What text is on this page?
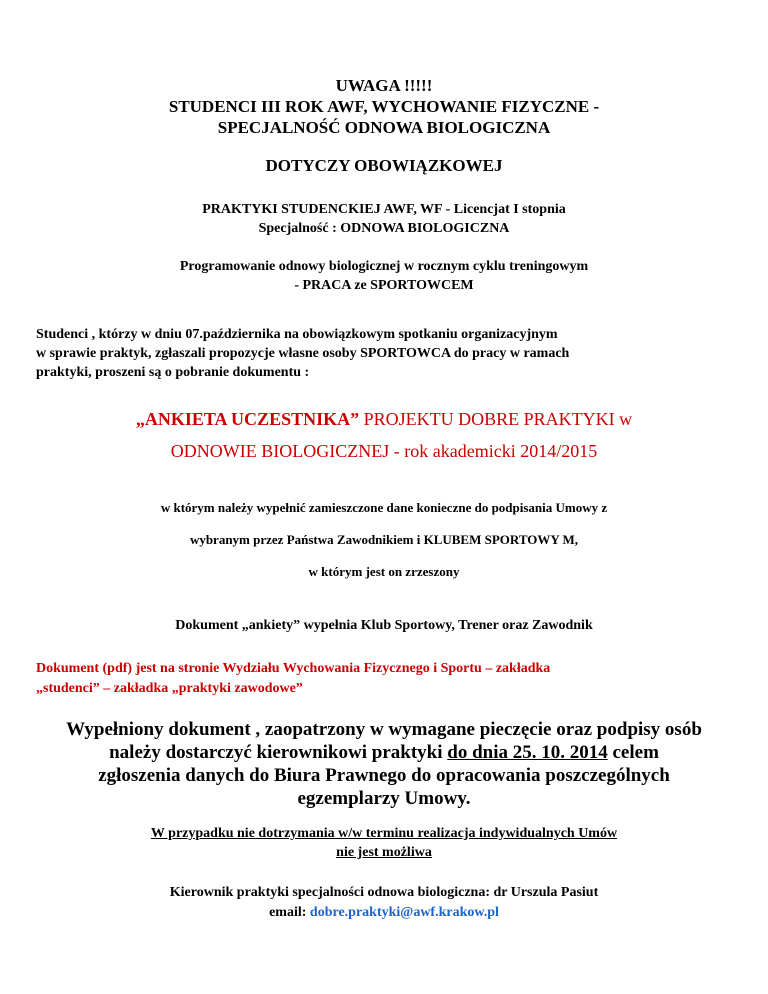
UWAGA !!!!!
STUDENCI III ROK AWF, WYCHOWANIE FIZYCZNE -
SPECJALNOŚĆ ODNOWA BIOLOGICZNA
DOTYCZY OBOWIĄZKOWEJ
PRAKTYKI STUDENCKIEJ AWF, WF - Licencjat I stopnia
Specjalność : ODNOWA BIOLOGICZNA
Programowanie odnowy biologicznej w rocznym cyklu treningowym
- PRACA ze SPORTOWCEM
Studenci , którzy w dniu 07.października na obowiązkowym spotkaniu organizacyjnym
w sprawie praktyk, zgłaszali propozycje własne osoby SPORTOWCA do pracy w ramach
praktyki, proszeni są o pobranie dokumentu :
„ANKIETA UCZESTNIKA” PROJEKTU DOBRE PRAKTYKI w
ODNOWIE BIOLOGICZNEJ - rok akademicki 2014/2015
w którym należy wypełnić zamieszczone dane konieczne do podpisania Umowy z
wybranym przez Państwa Zawodnikiem i KLUBEM SPORTOWY M,
w którym jest on zrzeszony
Dokument „ankiety” wypełnia Klub Sportowy, Trener oraz Zawodnik
Dokument (pdf) jest na stronie Wydziału Wychowania Fizycznego i Sportu – zakładka
„studenci” – zakładka „praktyki zawodowe”
Wypełniony dokument , zaopatrzony w wymagane pieczęcie oraz podpisy osób
należy dostarczyć kierownikowi praktyki do dnia 25. 10. 2014 celem
zgłoszenia danych do Biura Prawnego do opracowania poszczególnych
egzemplarzy Umowy.
W przypadku nie dotrzymania w/w terminu realizacja indywidualnych Umów
nie jest możliwa
Kierownik praktyki specjalności odnowa biologiczna: dr Urszula Pasiut
email: dobre.praktyki@awf.krakow.pl
